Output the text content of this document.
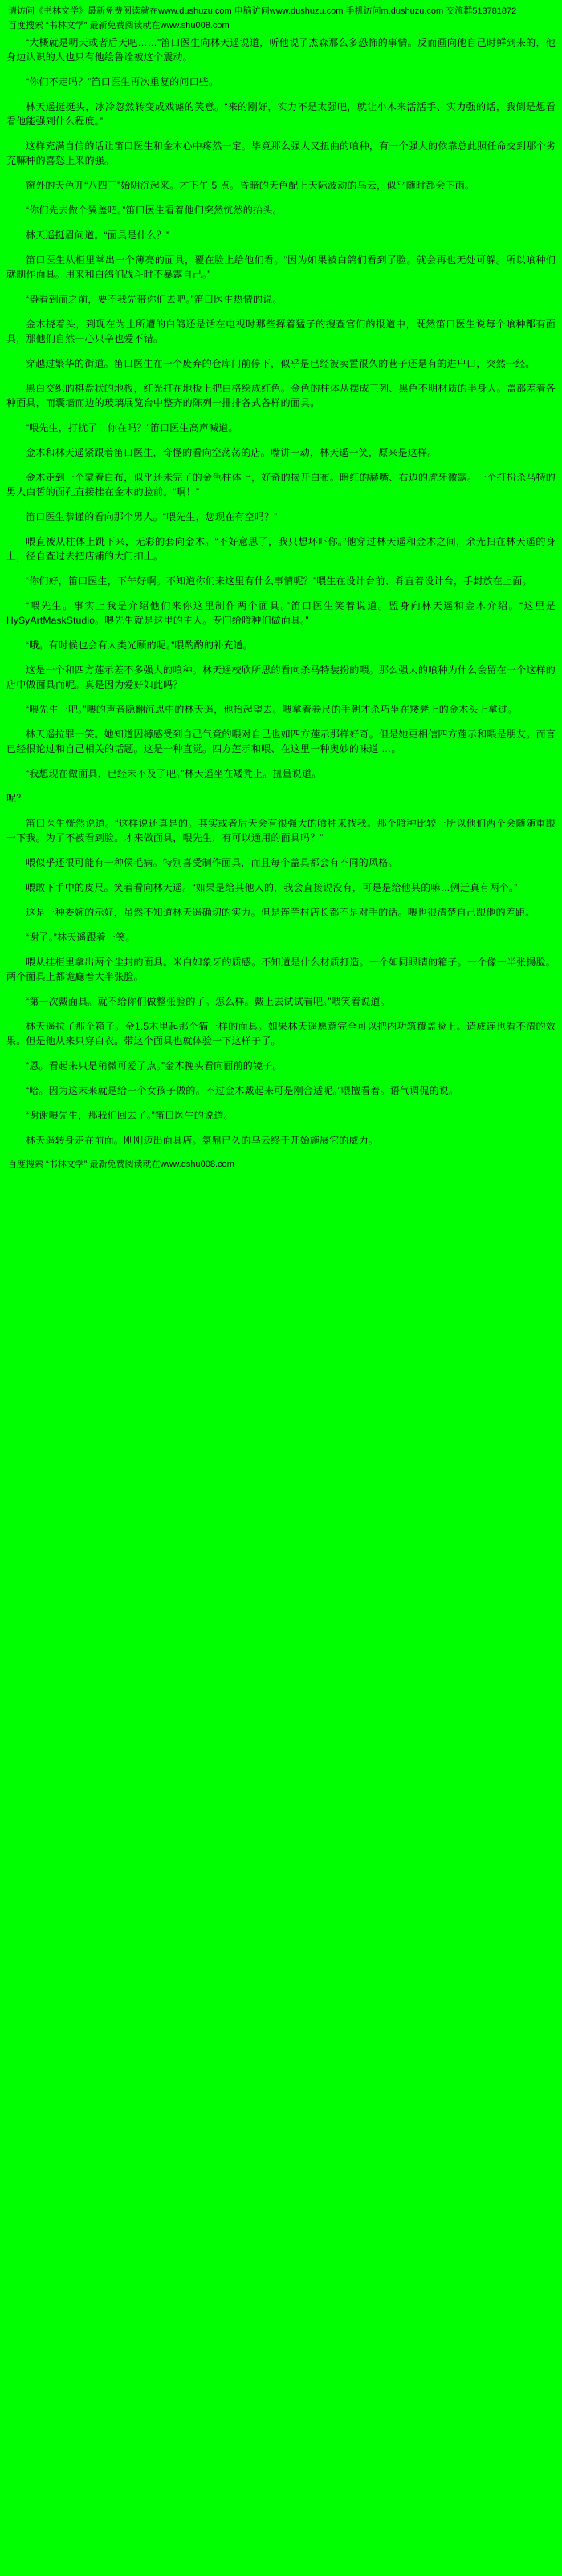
请访问《书林文学》最新免费阅读就在www.dushuzu.com 电脑访问www.dushuzu.com 手机访问m.dushuzu.com 交流群513781872
百度搜索 “书林文学” 最新免费阅读就在www.shu008.com

“大概就是明天或者后天吧……”笛口医生向林天遥说道，听他说了杰森那么多恐怖的事情。反而画向他自己时鲜到来的，他身边认识的人也只有他绘鲁诠被这个震动。

“你们不走吗？”笛口医生再次重复的问口些。

林天遥挺挺头，冰冷忽然转变成戏谑的笑意。“来的刚好，实力不是太强吧，就让小木来活活手、实力强的话，我倒是想看看他能强到什么程度。”

这样充满自信的话让笛口医生和金木心中疼然一定。毕竟那么强大又扭曲的喰种，有一个强大的依靠总此照任命交到那个劣充嘛种的喜怒上来的强。

窗外的天色开“八四三”始阴沉起来。才下午 5 点。昏暗的天色配上天际波动的乌云，似乎随时都会下雨。

“你们先去做个翼盖吧。”笛口医生看着他们突然恍然的抬头。

林天遥挺眉问道。“面具是什么？”

笛口医生从柜里掌出一个薄亮的面具，覆在脸上给他们看。“因为如果被白鸽们看到了脸。就会再也无处可躲。所以喰种们就制作面具。用来和白鸽们战斗时不暴露自己。”

“盎看到而之前，要不我先带你们去吧。”笛口医生热情的说。

金木挠着头，到现在为止所遭的白鸽还是话在电视时那些挥着猛子的搜查官们的报道中，既然笛口医生说每个喰种都有面具，那他们自然一心只辛也爱不错。

穿越过繁华的街道。笛口医生在一个废弃的仓库门前停下，似乎是已经被卖置很久的巷子还是有的进户口，突然一经。

黑白交织的棋盘状的地板，红光打在地板上把白格绘成红色。金色的柱体从摆成三列、黑色不明材质的半身人。盖部差着各种面具，而囊墙而边的玻璃展览台中整齐的陈列一排排各式各样的面具。

“喂先生，打扰了！你在吗？”笛口医生高声喊道。

金木和林天遥紧跟着笛口医生，奇怪的看向空荡荡的店。嘴讲一动，林天遥一笑，原来是这样。

金木走到一个蒙着白布，似乎还未完了的金色柱体上，好奇的揭开白布。暗红的赫嘴、右边的虎牙微露。一个打扮杀马特的男人白皙的面孔直接挂在金木的脸前。“啊！”

笛口医生恭谨的看向那个男人。“喂先生，您现在有空吗？”

喂直被从柱体上跳下来，无彩的套向金木。“不好意思了，我只想坏吓你。”他穿过林天遥和金木之间，余光扫在林天遥的身上，径自查过去把店铺的大门扣上。

“你们好，笛口医生，下午好啊。不知道你们来这里有什么事情呢？”喂生在设计台前、肴直着设计台，手封放在上面。

“喂先生。事实上我是介绍他们来你这里制作两个面具。”笛口医生笑着说道。盟身向林天遥和金木介绍。“这里是HySyArtMaskStudio。喂先生就是这里的主人。专门给喰种们做面具。”

“哦。有时候也会有人类光顾的呢。”喂酌酌的补充道。

这是一个和四方莲示差不多强大的喰种。林天遥校欣所思的看向杀马特装扮的喂。那么强大的喰种为什么会留在一个这样的店中做面具而呢。真是因为爱好如此吗？

“喂先生一吧。”喂的声音隐翻沉思中的林天遥，他抬起望去。喂拿着卷尺的手朝才杀巧坐在矮凳上的金木头上拿过。

林天遥拉罪一笑。她知道因樽感受到自己气竟的喂对自己也如四方莲示那样好奇。但是她更相信四方莲示和喂是朋友。而言已经很论过和自己相关的话题。这是一种直觉。四方莲示和喂、在这里一种奥妙的味道 …。

“我想现在做面具，已经未不及了吧。”林天遥坐在矮凳上。扭量说道。

呢？

笛口医生恍然说道。“这样说还真是的。其实或者后天会有很强大的喰种来找我。那个喰种比较一所以他们两个会随随重跟一下我。为了不被看到脸。才来做面具，喂先生，有可以通用的面具吗？”

喂似乎还很可能有一种侯毛病。特别喜受制作面具，而且每个盖具都会有不同的风格。

喂敢下手中的皮尺。笑着看向林天遥。“如果是给其他人的，我会直接说没有，可是是给他其的嘛…例迁真有两个。”

这是一种委婉的示好，虽然不知道林天遥确切的实力。但是连芋村店长都不是对手的话。喂也很清楚自己跟他的差距。

“谢了。”林天遥跟着一笑。

喂从挂柜里拿出两个尘封的面具。米白如象牙的质感。不知道是什么材质打造。一个如同眼睛的箱子。一个像一半张揚脸。两个面具上都诡廳着大半张脸。

“第一次戴面具。就不给你们做整张脸的了。怎么样。戴上去试试看吧。”喂笑着说道。

林天遥拉了那个箱子。金1.5木里起那个猫一样的面具。如果林天遥愿意完全可以把内功筑覆盖脸上。造成连也看不清的效果。但是他从来只穿白衣。带这个面具也就体验一下这样子了。

“恩。看起来只是稍微可爱了点。”金木挽头看向面前的镜子。

“哈。因为这末来就是给一个女孩子做的。不过金木戴起来可是刚合适呢。”喂擅看着。语气调侃的说。

“谢谢喂先生，那我们回去了。”笛口医生的说道。

林天遥转身走在前面。刚刚迈出面具店。氛鼎已久的乌云终于开始施展它的威力。

百度搜索 “书林文学” 最新免费阅读就在www.dshu008.com
